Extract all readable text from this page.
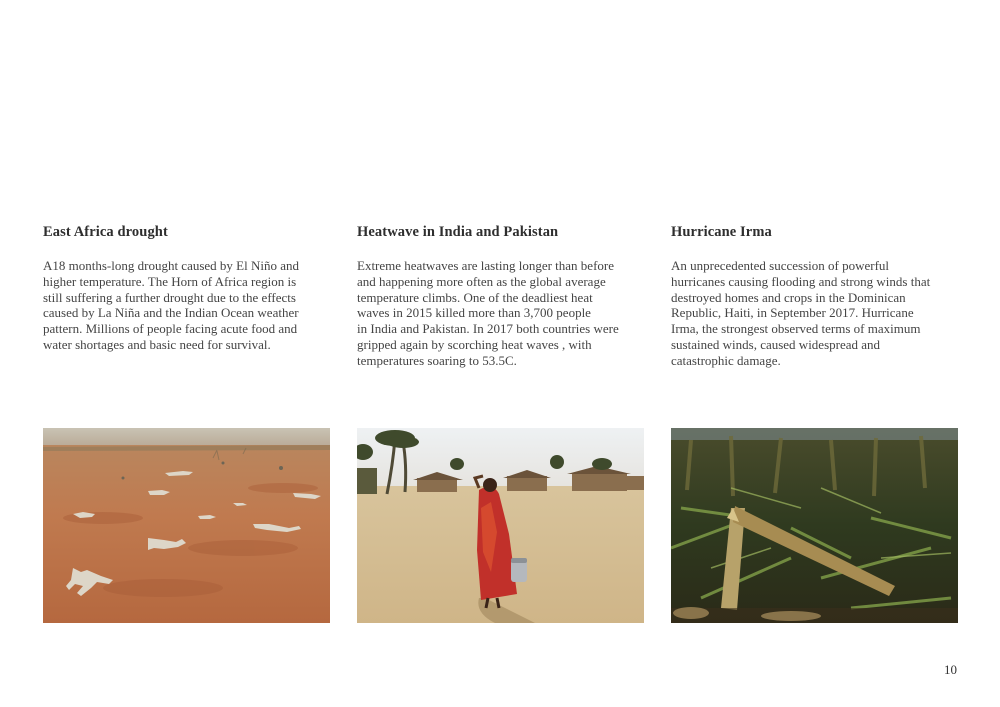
East Africa drought

A18 months-long drought caused by El Niño and
higher temperature. The Horn of Africa region is
still suffering a further drought due to the effects
caused by La Niña and the Indian Ocean weather
pattern. Millions of people facing acute food and
water shortages and basic need for survival.

Heatwave in India and Pakistan

Extreme heatwaves are lasting longer than before
and happening more often as the global average
temperature climbs. One of the deadliest heat
waves in 2015 killed more than 3,700 people
in India and Pakistan. In 2017 both countries were
gripped again by scorching heat waves , with
temperatures soaring to 53.5C.

Hurricane Irma

An unprecedented succession of powerful
hurricanes causing flooding and strong winds that
destroyed homes and crops in the Dominican
Republic, Haiti, in September 2017. Hurricane
Irma, the strongest observed terms of maximum
sustained winds, caused widespread and
catastrophic damage.

10
